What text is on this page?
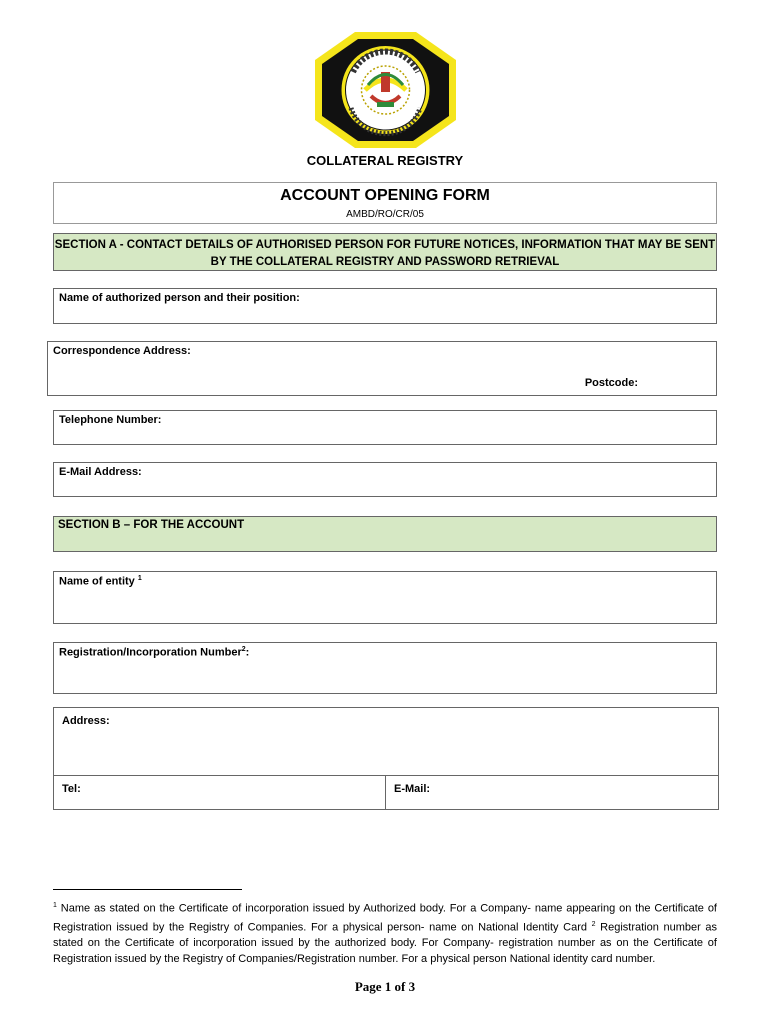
COLLATERAL REGISTRY
ACCOUNT OPENING FORM
AMBD/RO/CR/05
SECTION A - CONTACT DETAILS OF AUTHORISED PERSON FOR FUTURE NOTICES, INFORMATION THAT MAY BE SENT BY THE COLLATERAL REGISTRY AND PASSWORD RETRIEVAL
Name of authorized person and their position:
Correspondence Address:
Postcode:
Telephone Number:
E-Mail Address:
SECTION B – FOR THE ACCOUNT
Name of entity $^1$
Registration/Incorporation Number$^2$:
Address:
Tel:	E-Mail:
$^1$ Name as stated on the Certificate of incorporation issued by Authorized body. For a Company- name appearing on the Certificate of Registration issued by the Registry of Companies. For a physical person- name on National Identity Card $^2$ Registration number as stated on the Certificate of incorporation issued by the authorized body. For Company- registration number as on the Certificate of Registration issued by the Registry of Companies/Registration number. For a physical person National identity card number.
Page 1 of 3
